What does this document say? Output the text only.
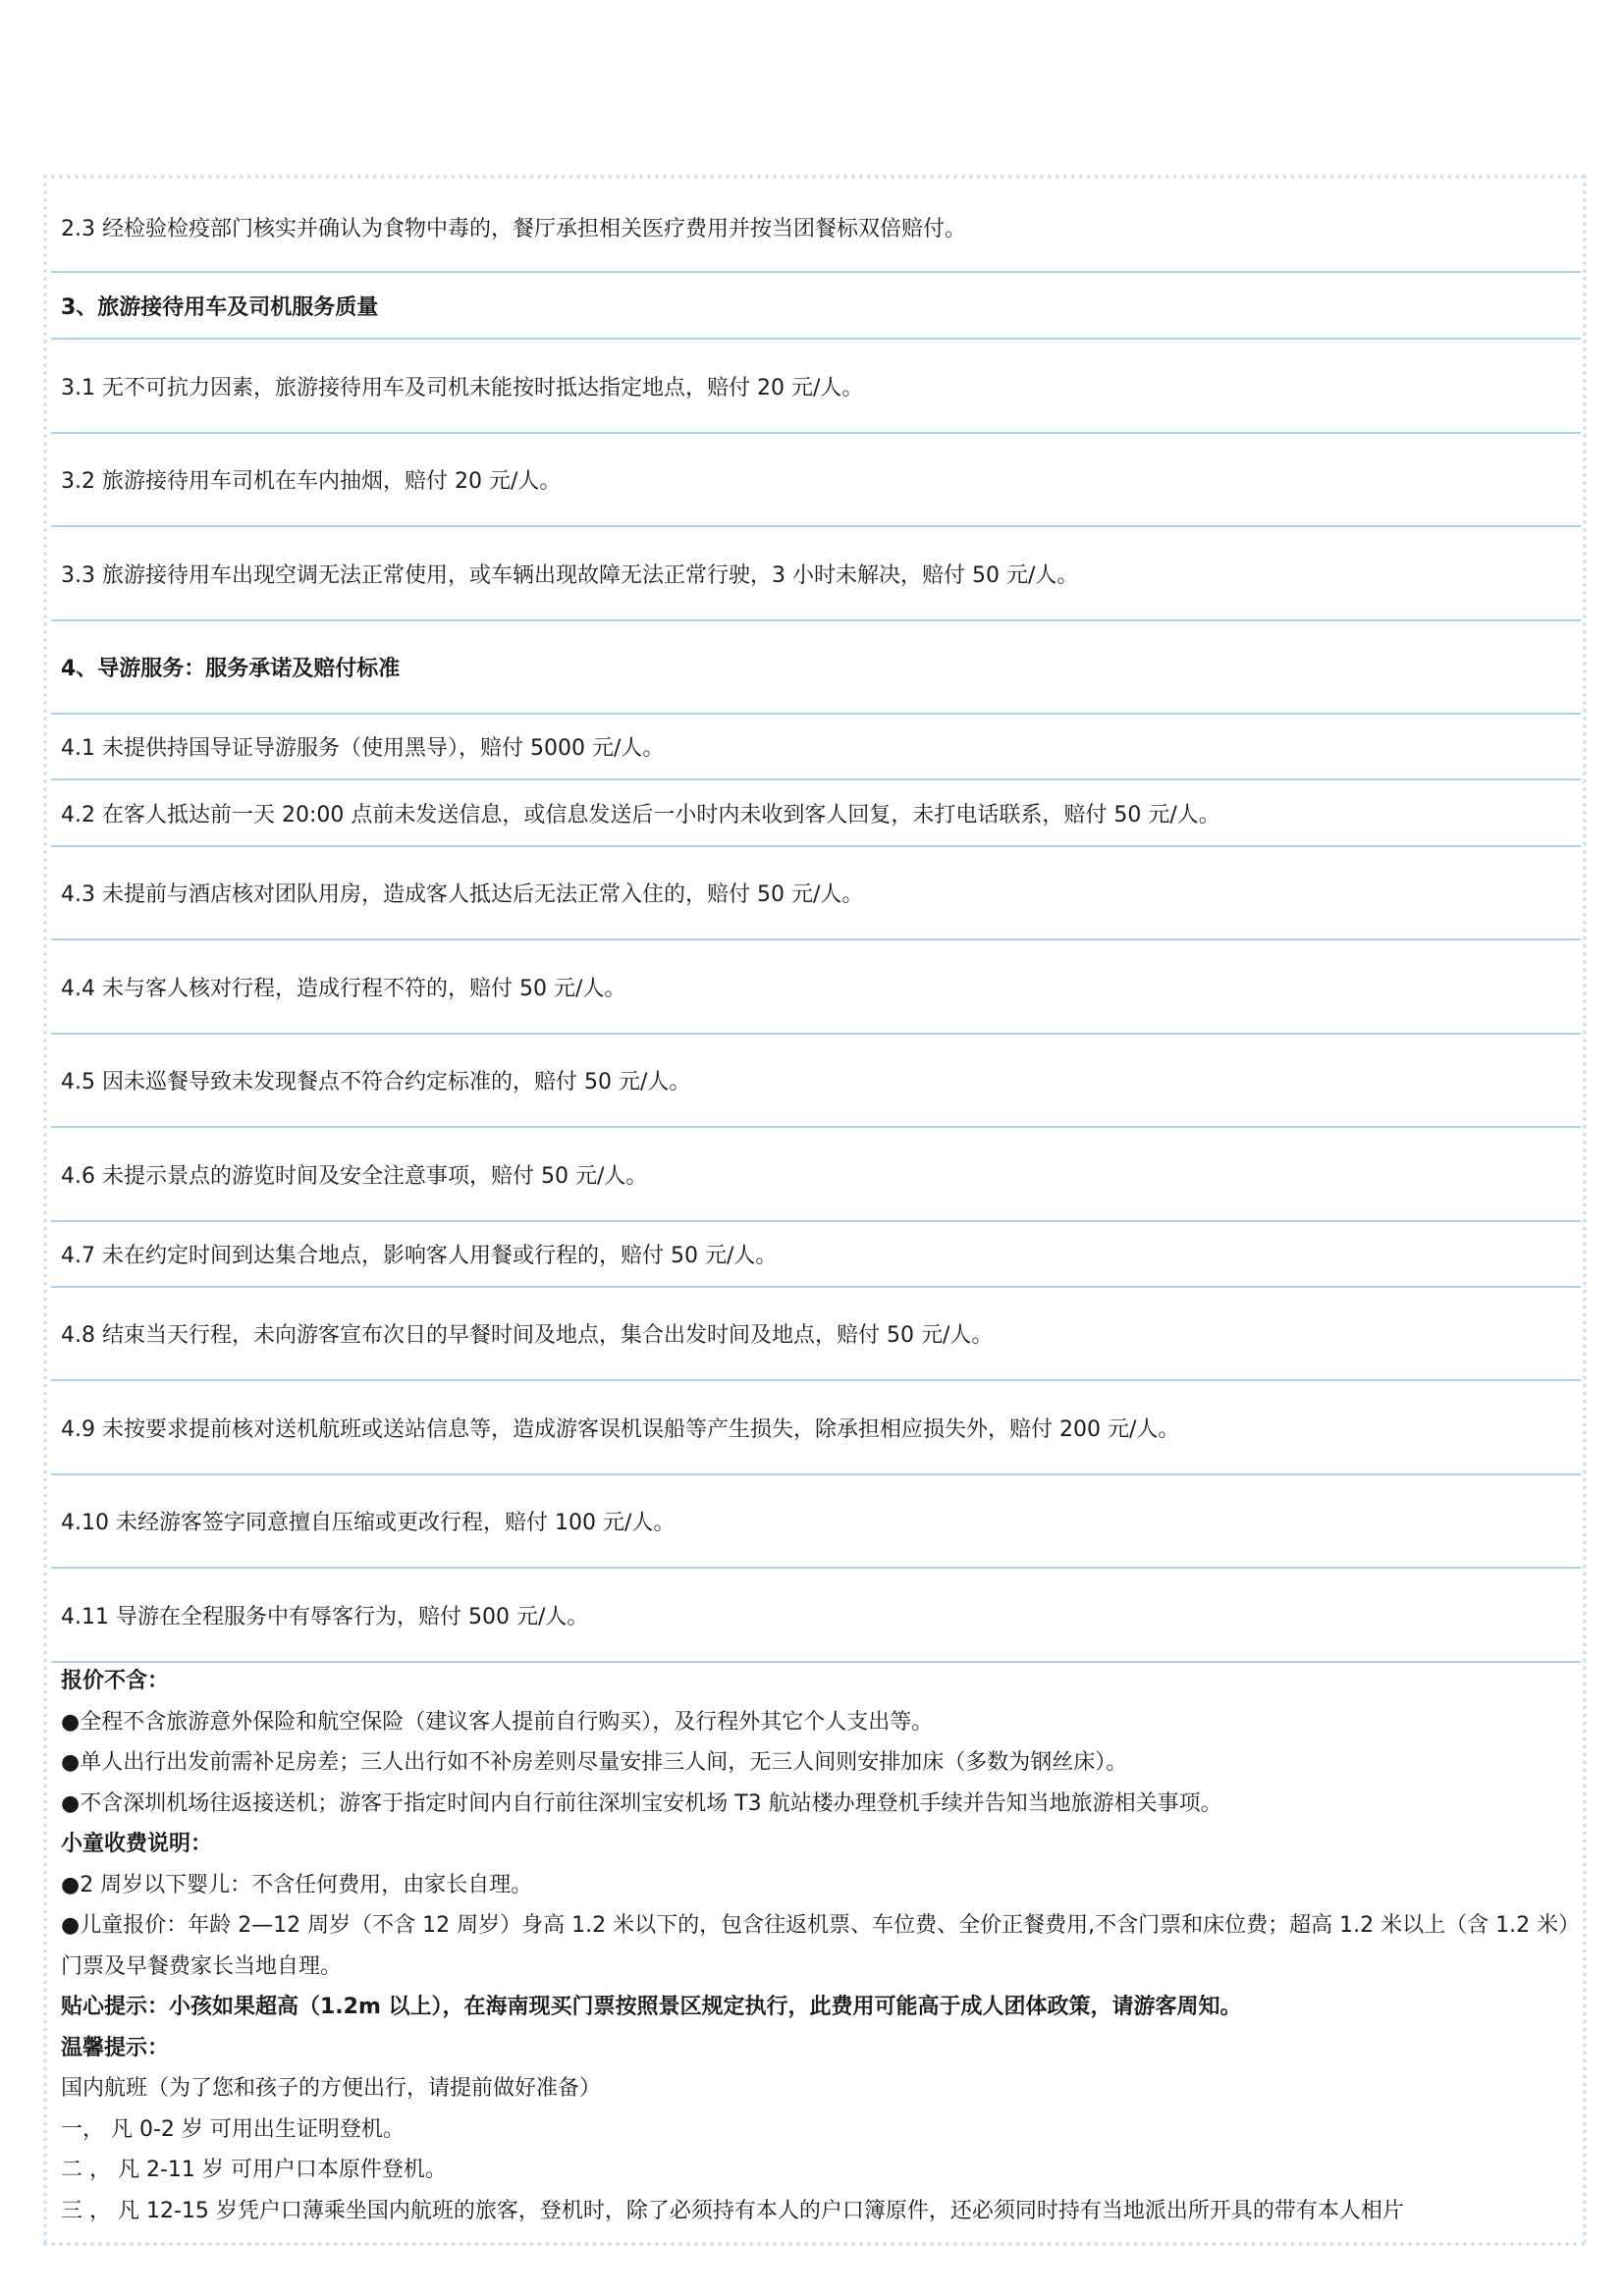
2.3 经检验检疫部门核实并确认为食物中毒的，餐厅承担相关医疗费用并按当团餐标双倍赔付。
3、旅游接待用车及司机服务质量
3.1 无不可抗力因素，旅游接待用车及司机未能按时抵达指定地点，赔付 20 元/人。
3.2 旅游接待用车司机在车内抽烟，赔付 20 元/人。
3.3 旅游接待用车出现空调无法正常使用，或车辆出现故障无法正常行驶，3 小时未解决，赔付 50 元/人。
4、导游服务：服务承诺及赔付标准
4.1 未提供持国导证导游服务（使用黑导），赔付 5000 元/人。
4.2 在客人抵达前一天 20:00 点前未发送信息，或信息发送后一小时内未收到客人回复，未打电话联系，赔付 50 元/人。
4.3 未提前与酒店核对团队用房，造成客人抵达后无法正常入住的，赔付 50 元/人。
4.4 未与客人核对行程，造成行程不符的，赔付 50 元/人。
4.5 因未巡餐导致未发现餐点不符合约定标准的，赔付 50 元/人。
4.6 未提示景点的游览时间及安全注意事项，赔付 50 元/人。
4.7 未在约定时间到达集合地点，影响客人用餐或行程的，赔付 50 元/人。
4.8 结束当天行程，未向游客宣布次日的早餐时间及地点，集合出发时间及地点，赔付 50 元/人。
4.9 未按要求提前核对送机航班或送站信息等，造成游客误机误船等产生损失，除承担相应损失外，赔付 200 元/人。
4.10 未经游客签字同意擅自压缩或更改行程，赔付 100 元/人。
4.11 导游在全程服务中有辱客行为，赔付 500 元/人。
报价不含：
●全程不含旅游意外保险和航空保险（建议客人提前自行购买），及行程外其它个人支出等。
●单人出行出发前需补足房差；三人出行如不补房差则尽量安排三人间，无三人间则安排加床（多数为钢丝床）。
●不含深圳机场往返接送机；游客于指定时间内自行前往深圳宝安机场 T3 航站楼办理登机手续并告知当地旅游相关事项。
小童收费说明：
●2 周岁以下婴儿：不含任何费用，由家长自理。
●儿童报价：年龄 2—12 周岁（不含 12 周岁）身高 1.2 米以下的，包含往返机票、车位费、全价正餐费用,不含门票和床位费；超高 1.2 米以上（含 1.2 米）门票及早餐费家长当地自理。
贴心提示：小孩如果超高（1.2m 以上），在海南现买门票按照景区规定执行，此费用可能高于成人团体政策，请游客周知。
温馨提示：
国内航班（为了您和孩子的方便出行，请提前做好准备）
一， 凡 0-2 岁 可用出生证明登机。
二 ， 凡 2-11 岁 可用户口本原件登机。
三 ， 凡 12-15 岁凭户口薄乘坐国内航班的旅客，登机时，除了必须持有本人的户口簿原件，还必须同时持有当地派出所开具的带有本人相片
